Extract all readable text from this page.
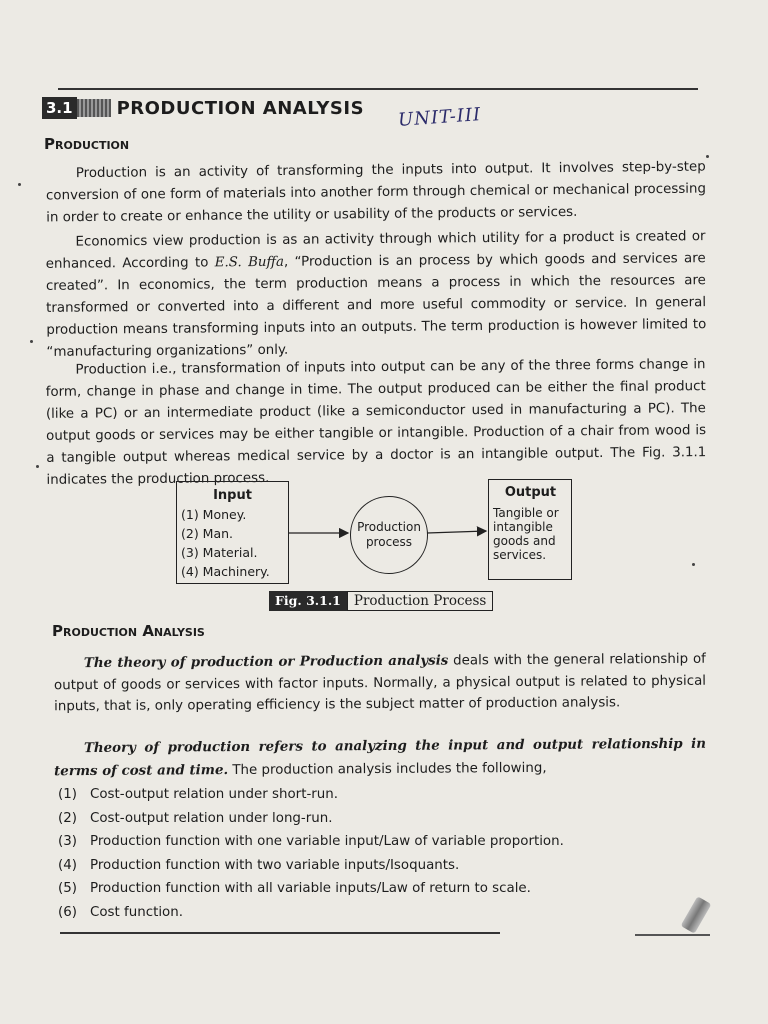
3.1 PRODUCTION ANALYSIS UNIT-III
Production

Production is an activity of transforming the inputs into output. It involves step-by-step conversion of one form of materials into another form through chemical or mechanical processing in order to create or enhance the utility or usability of the products or services.

Economics view production is as an activity through which utility for a product is created or enhanced. According to E.S. Buffa, “Production is an process by which goods and services are created”. In economics, the term production means a process in which the resources are transformed or converted into a different and more useful commodity or service. In general production means transforming inputs into an outputs. The term production is however limited to “manufacturing organizations” only.

Production i.e., transformation of inputs into output can be any of the three forms change in form, change in phase and change in time. The output produced can be either the final product (like a PC) or an intermediate product (like a semiconductor used in manufacturing a PC). The output goods or services may be either tangible or intangible. Production of a chair from wood is a tangible output whereas medical service by a doctor is an intangible output. The Fig. 3.1.1 indicates the production process.

Input
(1) Money.
(2) Man.
(3) Material.
(4) Machinery.
Production process
Output
Tangible or intangible goods and services.
Fig. 3.1.1 Production Process
Production Analysis

The theory of production or Production analysis deals with the general relationship of output of goods or services with factor inputs. Normally, a physical output is related to physical inputs, that is, only operating efficiency is the subject matter of production analysis.

Theory of production refers to analyzing the input and output relationship in terms of cost and time. The production analysis includes the following,

(1) Cost-output relation under short-run.
(2) Cost-output relation under long-run.
(3) Production function with one variable input/Law of variable proportion.
(4) Production function with two variable inputs/Isoquants.
(5) Production function with all variable inputs/Law of return to scale.
(6) Cost function.
